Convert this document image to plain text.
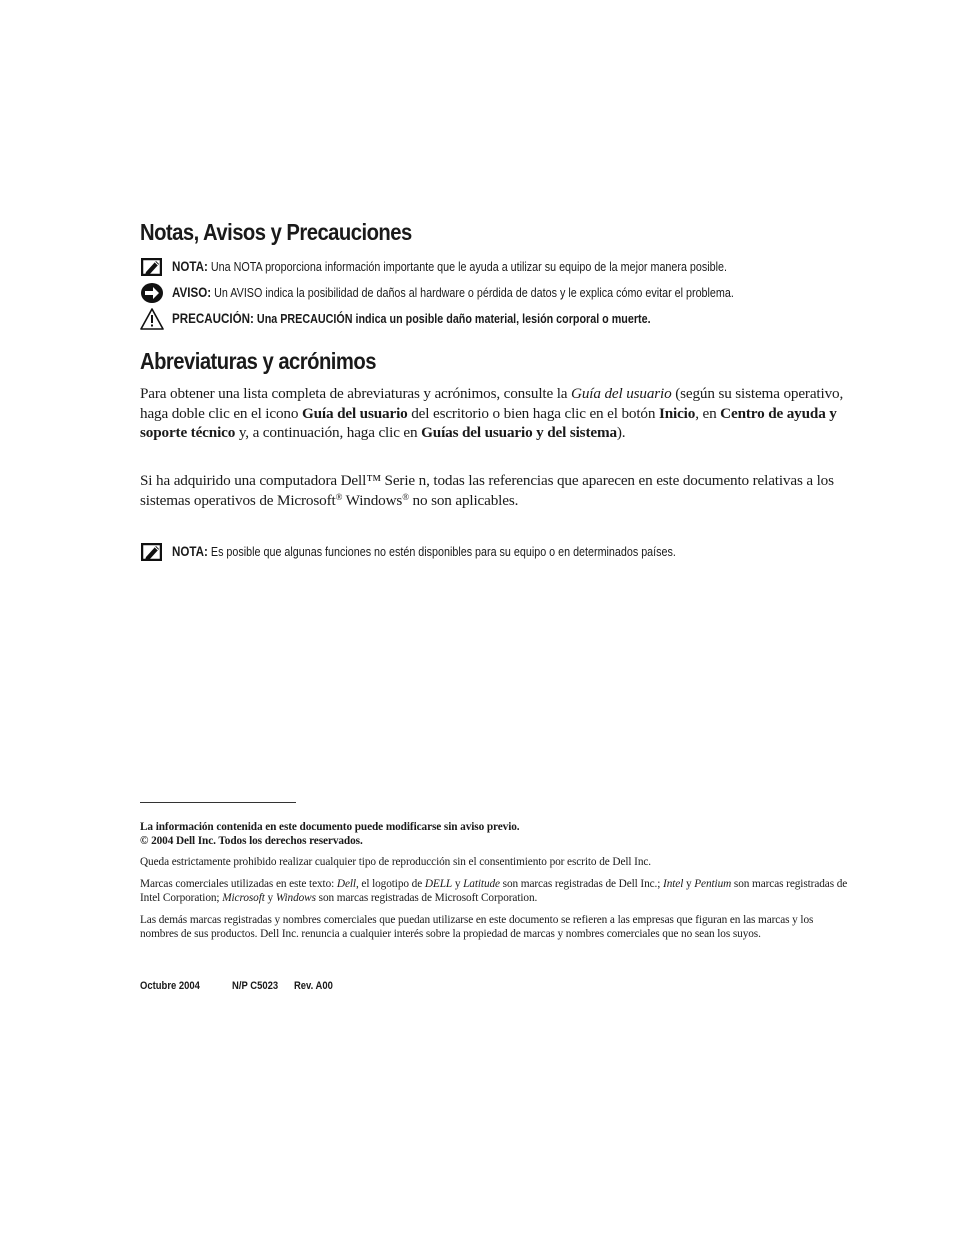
Notas, Avisos y Precauciones
NOTA: Una NOTA proporciona información importante que le ayuda a utilizar su equipo de la mejor manera posible.
AVISO: Un AVISO indica la posibilidad de daños al hardware o pérdida de datos y le explica cómo evitar el problema.
PRECAUCIÓN: Una PRECAUCIÓN indica un posible daño material, lesión corporal o muerte.
Abreviaturas y acrónimos
Para obtener una lista completa de abreviaturas y acrónimos, consulte la Guía del usuario (según su sistema operativo, haga doble clic en el icono Guía del usuario del escritorio o bien haga clic en el botón Inicio, en Centro de ayuda y soporte técnico y, a continuación, haga clic en Guías del usuario y del sistema).
Si ha adquirido una computadora Dell™ Serie n, todas las referencias que aparecen en este documento relativas a los sistemas operativos de Microsoft® Windows® no son aplicables.
NOTA: Es posible que algunas funciones no estén disponibles para su equipo o en determinados países.
La información contenida en este documento puede modificarse sin aviso previo.
© 2004 Dell Inc. Todos los derechos reservados.
Queda estrictamente prohibido realizar cualquier tipo de reproducción sin el consentimiento por escrito de Dell Inc.
Marcas comerciales utilizadas en este texto: Dell, el logotipo de DELL y Latitude son marcas registradas de Dell Inc.; Intel y Pentium son marcas registradas de Intel Corporation; Microsoft y Windows son marcas registradas de Microsoft Corporation.
Las demás marcas registradas y nombres comerciales que puedan utilizarse en este documento se refieren a las empresas que figuran en las marcas y los nombres de sus productos. Dell Inc. renuncia a cualquier interés sobre la propiedad de marcas y nombres comerciales que no sean los suyos.
Octubre 2004	N/P C5023 Rev. A00
